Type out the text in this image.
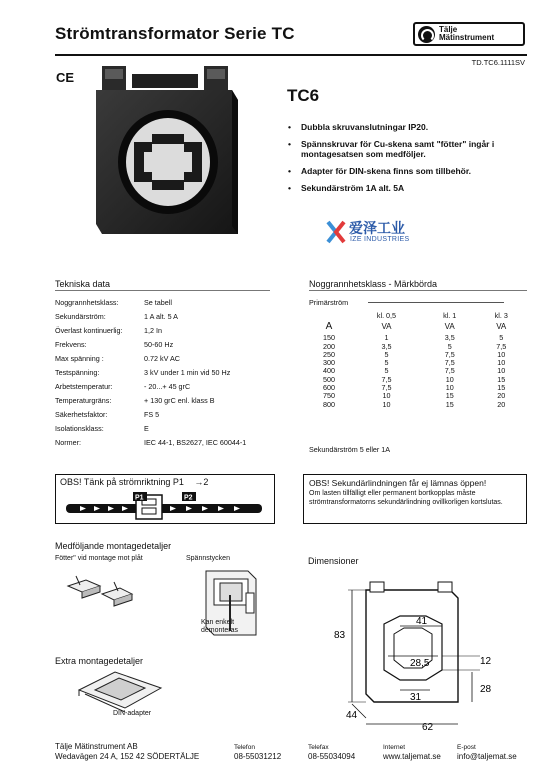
Strömtransformator Serie TC	Tälje
Mätinstrument
TD.TC6.1111SV
CE
TC6
• Dubbla skruvanslutningar IP20.
• Spännskruvar för Cu-skena samt "fötter" ingår i montagesatsen som medföljer.
• Adapter för DIN-skena finns som tillbehör.
• Sekundärström 1A alt. 5A
爱泽工业
IZE INDUSTRIES
Tekniska data
Noggrannhetsklass:	Se tabell
Sekundärström:	1 A alt. 5 A
Överlast kontinuerlig:	1,2 In
Frekvens:	50-60 Hz
Max spänning :	0.72 kV AC
Testspänning:	3 kV under 1 min vid 50 Hz
Arbetstemperatur:	- 20...+ 45 grC
Temperaturgräns:	+ 130 grC enl. klass B
Säkerhetsfaktor:	FS 5
Isolationsklass:	E
Normer:	IEC 44-1, BS2627, IEC 60044-1
Noggrannhetsklass - Märkbörda
Primärström
	kl. 0,5	kl. 1	kl. 3
A	VA	VA	VA
150	1	3,5	5
200	3,5	5	7,5
250	5	7,5	10
300	5	7,5	10
400	5	7,5	10
500	7,5	10	15
600	7,5	10	15
750	10	15	20
800	10	15	20
Sekundärström 5 eller 1A
OBS! Tänk på strömriktning P1 →2
P1	P2
OBS! Sekundärlindningen får ej lämnas öppen!
Om lasten tillfälligt eller permanent bortkopplas måste strömtransformatorns sekundärlindning ovillkorligen kortslutas.
Medföljande montagedetaljer
Fötter" vid montage mot plåt	Spännstycken
Kan enkelt demonteras
Extra montagedetaljer
DIN-adapter
Dimensioner
83
41
28,5	12
31
28
44
62
Tälje Mätinstrument AB
Wedavägen 24 A, 152 42 SÖDERTÄLJE
Telefon
08-55031212
Telefax
08-55034094
Internet
www.taljemat.se
E-post
info@taljemat.se
